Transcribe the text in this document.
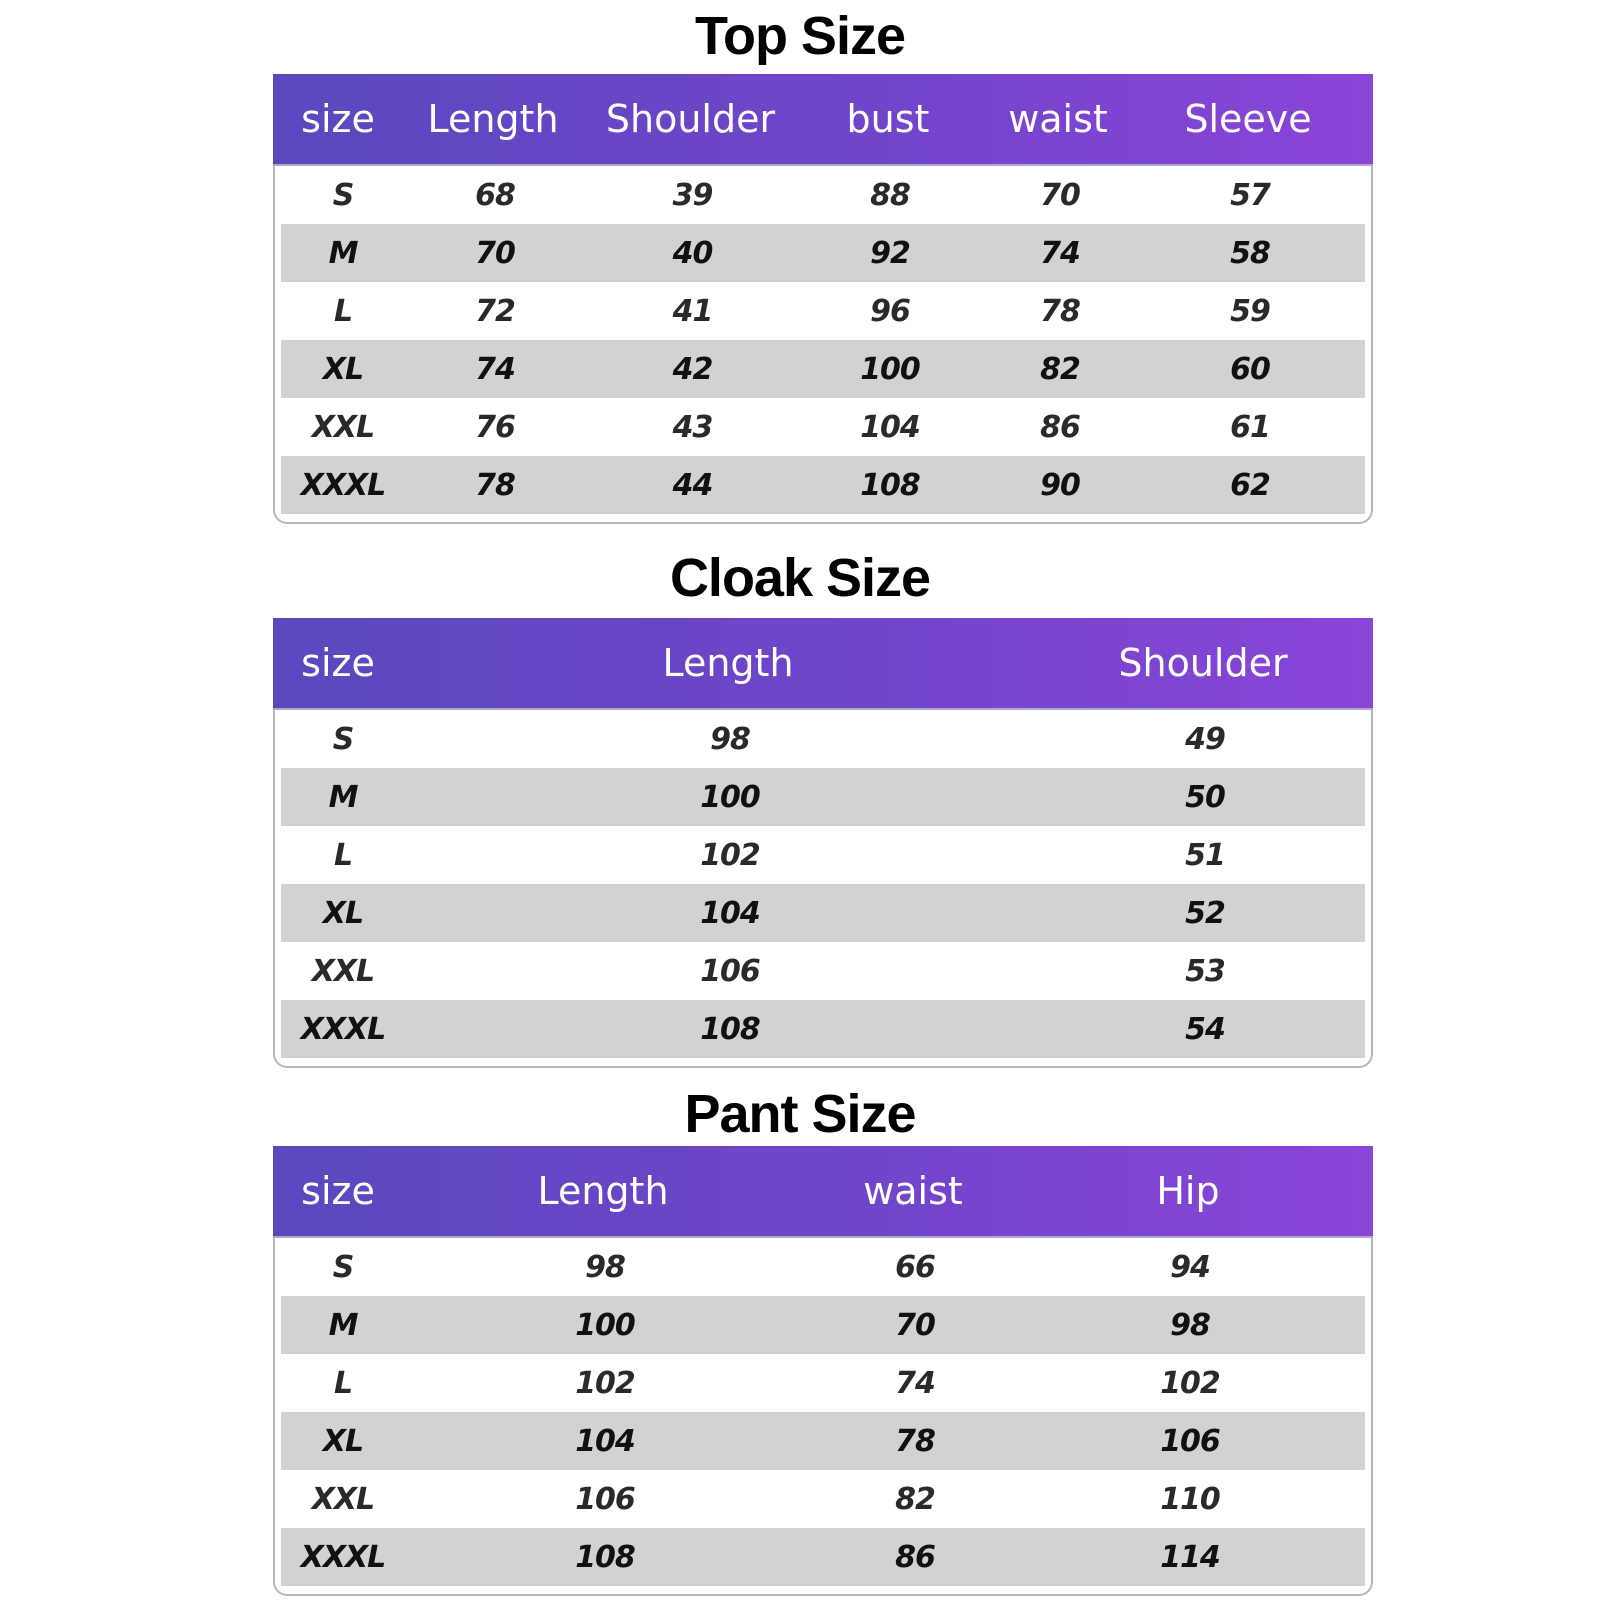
Top Size
size	Length	Shoulder	bust	waist	Sleeve
S	68	39	88	70	57
M	70	40	92	74	58
L	72	41	96	78	59
XL	74	42	100	82	60
XXL	76	43	104	86	61
XXXL	78	44	108	90	62
Cloak Size
size	Length	Shoulder
S	98	49
M	100	50
L	102	51
XL	104	52
XXL	106	53
XXXL	108	54
Pant Size
size	Length	waist	Hip
S	98	66	94
M	100	70	98
L	102	74	102
XL	104	78	106
XXL	106	82	110
XXXL	108	86	114
